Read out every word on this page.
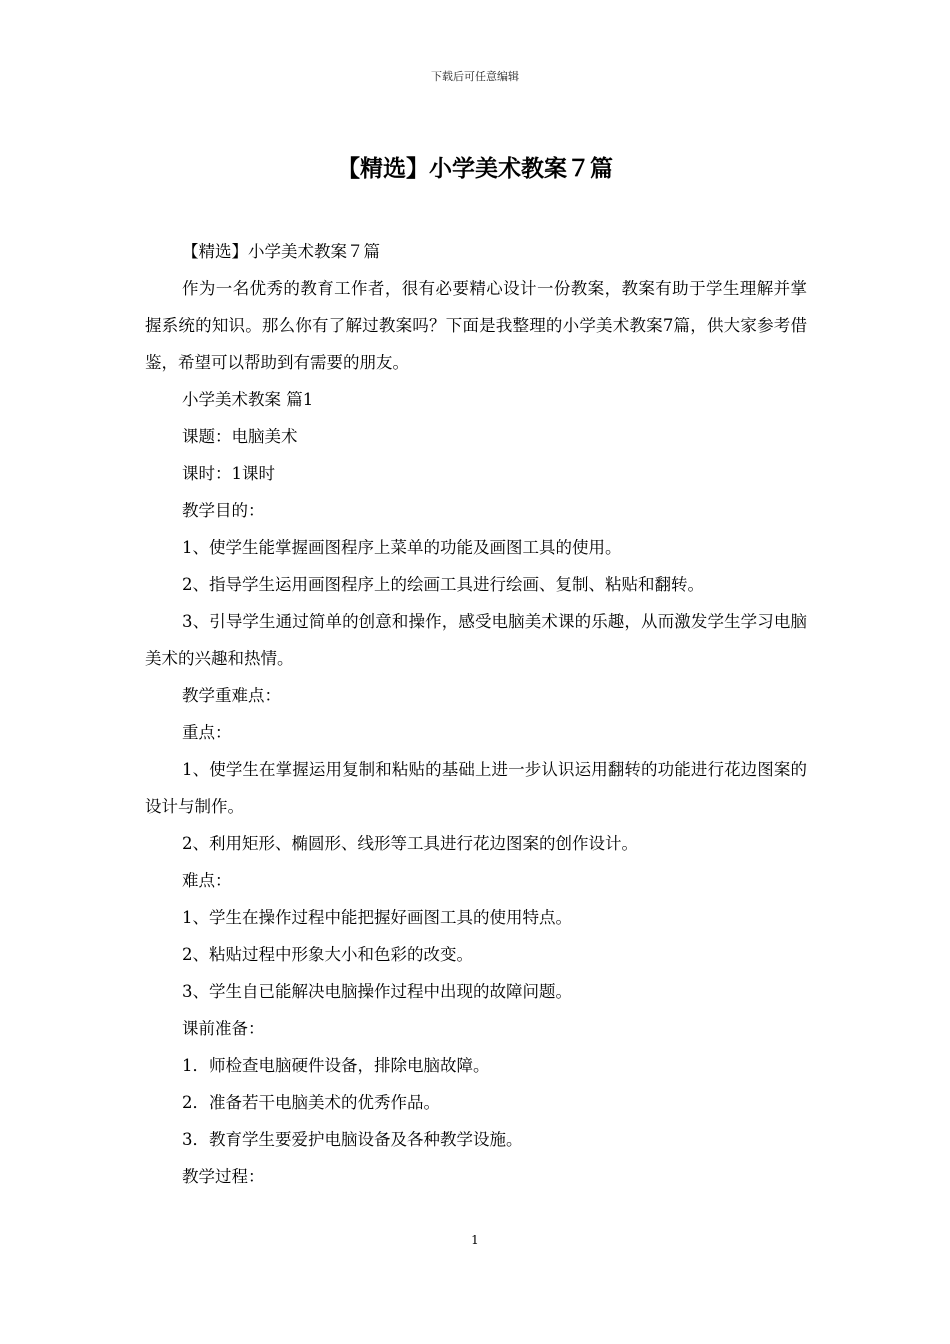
下载后可任意编辑
【精选】小学美术教案７篇

【精选】小学美术教案７篇

作为一名优秀的教育工作者，很有必要精心设计一份教案，教案有助于学生理解并掌握系统的知识。那么你有了解过教案吗？下面是我整理的小学美术教案7篇，供大家参考借鉴，希望可以帮助到有需要的朋友。

小学美术教案 篇1

课题：电脑美术

课时：1课时

教学目的：

1、使学生能掌握画图程序上菜单的功能及画图工具的使用。

2、指导学生运用画图程序上的绘画工具进行绘画、复制、粘贴和翻转。

3、引导学生通过简单的创意和操作，感受电脑美术课的乐趣，从而激发学生学习电脑美术的兴趣和热情。

教学重难点：

重点：

1、使学生在掌握运用复制和粘贴的基础上进一步认识运用翻转的功能进行花边图案的设计与制作。

2、利用矩形、椭圆形、线形等工具进行花边图案的创作设计。

难点：

1、学生在操作过程中能把握好画图工具的使用特点。

2、粘贴过程中形象大小和色彩的改变。

3、学生自已能解决电脑操作过程中出现的故障问题。

课前准备：

1．师检查电脑硬件设备，排除电脑故障。

2．准备若干电脑美术的优秀作品。

3．教育学生要爱护电脑设备及各种教学设施。

教学过程：

1
